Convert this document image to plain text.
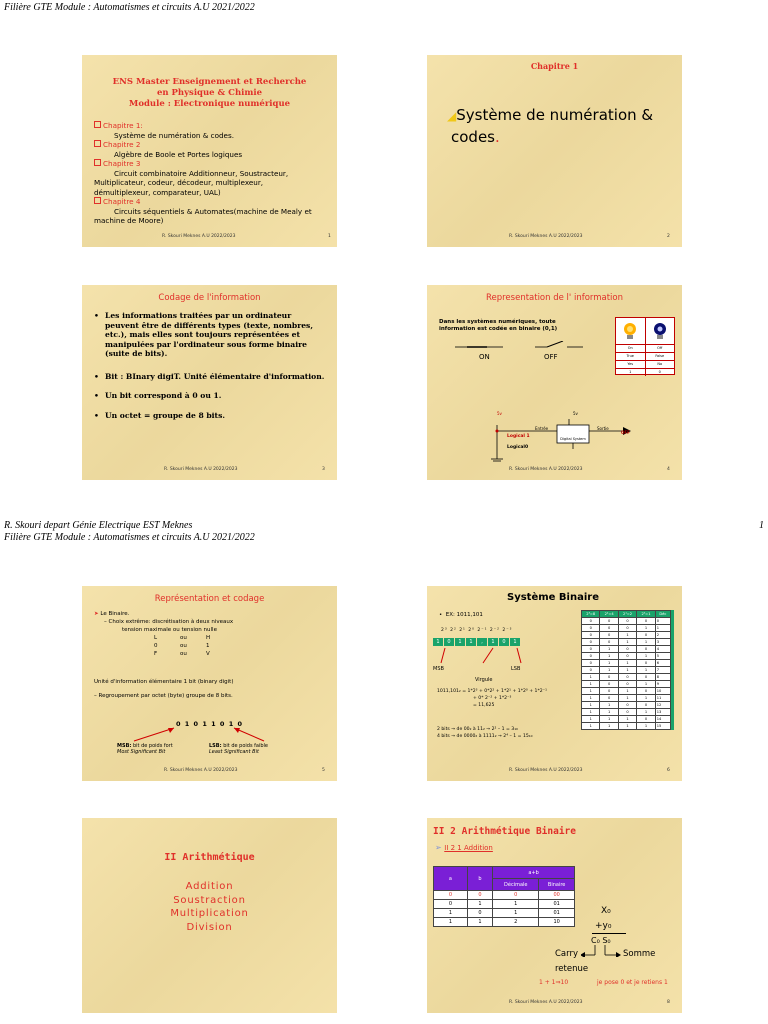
Filière GTE Module : Automatismes et circuits A.U 2021/2022
R. Skouri depart Génie Electrique EST Meknes
Filière GTE Module : Automatismes et circuits A.U 2021/2022
1
ENS Master Enseignement et Recherche
en Physique & Chimie
Module : Electronique numérique
Chapitre 1:
Système de numération & codes.
Chapitre 2
Algèbre de Boole et Portes logiques
Chapitre 3
Circuit combinatoire Additionneur, Soustracteur,
Multiplicateur, codeur, décodeur, multiplexeur,
démultiplexeur, comparateur, UAL)
Chapitre 4
Circuits séquentiels & Automates(machine de Mealy et
machine de Moore)
R. Skouri Meknes A.U 2022/2023	1
Chapitre 1
◢Système de numération &
codes.
R. Skouri Meknes A.U 2022/2023	2
Codage de l'information
• Les informations traitées par un ordinateur peuvent être de différents types (texte, nombres, etc.), mais elles sont toujours représentées et manipulées par l'ordinateur sous forme binaire (suite de bits).
• Bit : BInary digiT. Unité élémentaire d'information.
• Un bit correspond à 0 ou 1.
• Un octet = groupe de 8 bits.
R. Skouri Meknes A.U 2022/2023	3
Representation de l' information
Dans les systèmes numériques, toute
information est codée en binaire (0,1)
ON	OFF
On	Off
True	False
Yes	No
1	0
5v	5v
Entrée	Sortie
Logical 1
Logical0
Digital System
OFF
R. Skouri Meknes A.U 2022/2023	4
Représentation et codage
➤ Le Binaire.
– Choix extrême: discrétisation à deux niveaux
tension maximale ou tension nulle
L	ou	H
0	ou	1
F	ou	V
Unité d'information élémentaire 1 bit (binary digit)
– Regroupement par octet (byte) groupe de 8 bits.
0 1 0 1 1 0 1 0
MSB: bit de poids fort
Most Significant Bit
LSB: bit de poids faible
Least Significant Bit
R. Skouri Meknes A.U 2022/2023	5
Système Binaire
• EX: 1011,101
2³ 2² 2¹ 2⁰ 2⁻¹ 2⁻² 2⁻³
1	0	1	1	,	1	0	1
MSB	LSB
Virgule
1011,101₂ = 1*2³ + 0*2² + 1*2¹ + 1*2⁰ + 1*2⁻¹
+ 0* 2⁻² + 1*2⁻³
= 11,625
2 bits → de 00₂ à 11₂ → 2² – 1 = 3₁₀
4 bits → de 0000₂ à 1111₂ → 2⁴ – 1 = 15₁₀
2³=8	2²=4	2¹=2	2⁰=1	Déc
0	0	0	0	0
0	0	0	1	1
0	0	1	0	2
0	0	1	1	3
0	1	0	0	4
0	1	0	1	5
0	1	1	0	6
0	1	1	1	7
1	0	0	0	8
1	0	0	1	9
1	0	1	0	10
1	0	1	1	11
1	1	0	0	12
1	1	0	1	13
1	1	1	0	14
1	1	1	1	15
R. Skouri Meknes A.U 2022/2023	6
II Arithmétique
Addition
Soustraction
Multiplication
Division
II 2 Arithmétique Binaire
➢ II 2 1 Addition
a	b	a+b	
		Décimale	Binaire
0	0	0	00
0	1	1	01
1	0	1	01
1	1	2	10
X₀
+y₀
C₀ S₀
Carry	Somme
retenue
1 + 1⇒10	je pose 0 et je retiens 1
R. Skouri Meknes A.U 2022/2023	8
